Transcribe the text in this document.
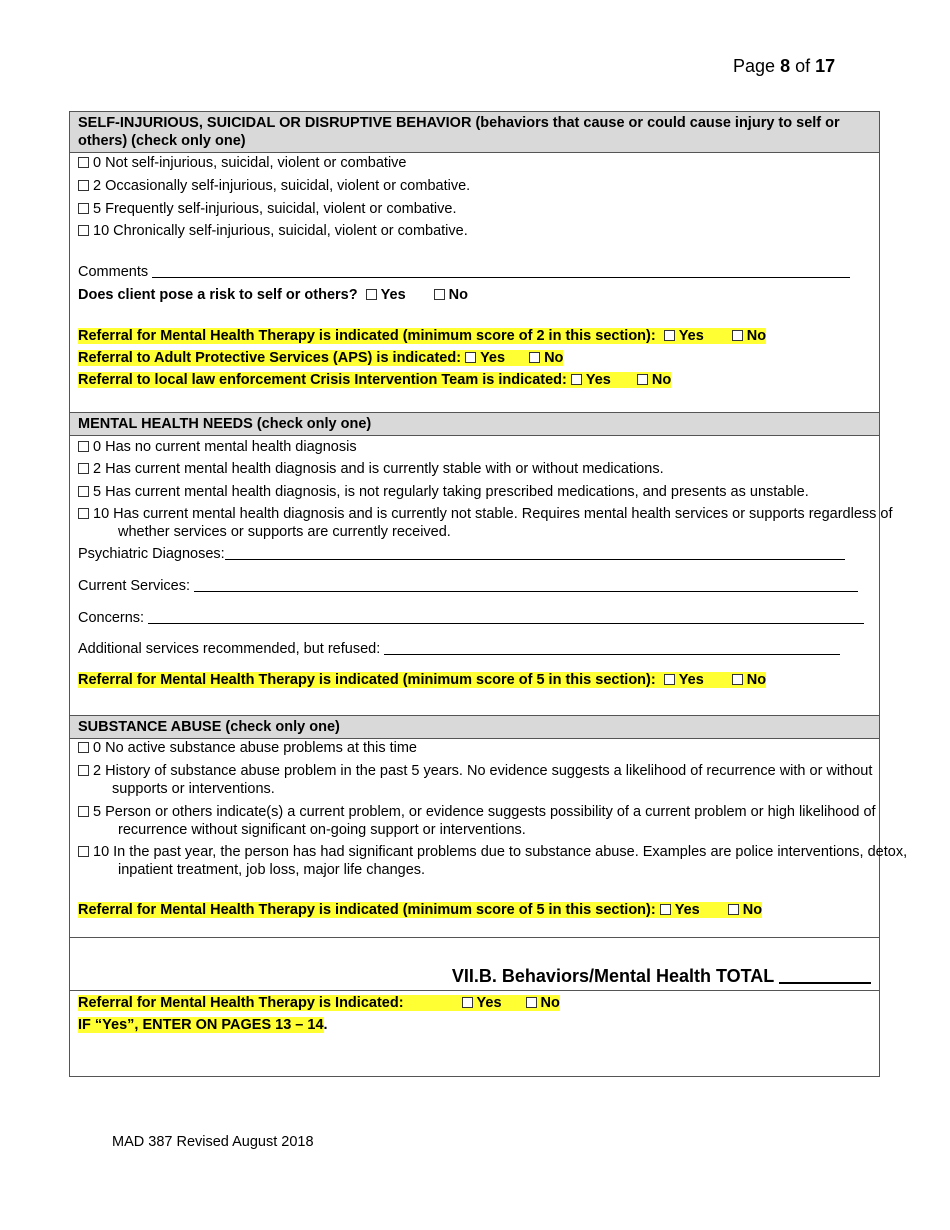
Page 8 of 17
SELF-INJURIOUS, SUICIDAL OR DISRUPTIVE BEHAVIOR (behaviors that cause or could cause injury to self or others) (check only one)
0 Not self-injurious, suicidal, violent or combative
2 Occasionally self-injurious, suicidal, violent or combative.
5 Frequently self-injurious, suicidal, violent or combative.
10 Chronically self-injurious, suicidal, violent or combative.
Comments
Does client pose a risk to self or others? Yes	No
Referral for Mental Health Therapy is indicated (minimum score of 2 in this section): Yes	No
Referral to Adult Protective Services (APS) is indicated: Yes	No
Referral to local law enforcement Crisis Intervention Team is indicated: Yes	No
MENTAL HEALTH NEEDS (check only one)
0 Has no current mental health diagnosis
2 Has current mental health diagnosis and is currently stable with or without medications.
5 Has current mental health diagnosis, is not regularly taking prescribed medications, and presents as unstable.
10 Has current mental health diagnosis and is currently not stable. Requires mental health services or supports regardless of whether services or supports are currently received.
Psychiatric Diagnoses:
Current Services:
Concerns:
Additional services recommended, but refused:
Referral for Mental Health Therapy is indicated (minimum score of 5 in this section): Yes	No
SUBSTANCE ABUSE (check only one)
0 No active substance abuse problems at this time
2 History of substance abuse problem in the past 5 years. No evidence suggests a likelihood of recurrence with or without supports or interventions.
5 Person or others indicate(s) a current problem, or evidence suggests possibility of a current problem or high likelihood of recurrence without significant on-going support or interventions.
10 In the past year, the person has had significant problems due to substance abuse. Examples are police interventions, detox, inpatient treatment, job loss, major life changes.
Referral for Mental Health Therapy is indicated (minimum score of 5 in this section): Yes	No
VII.B. Behaviors/Mental Health TOTAL
Referral for Mental Health Therapy is Indicated:	Yes	No
IF “Yes”, ENTER ON PAGES 13 – 14.
MAD 387 Revised August 2018
